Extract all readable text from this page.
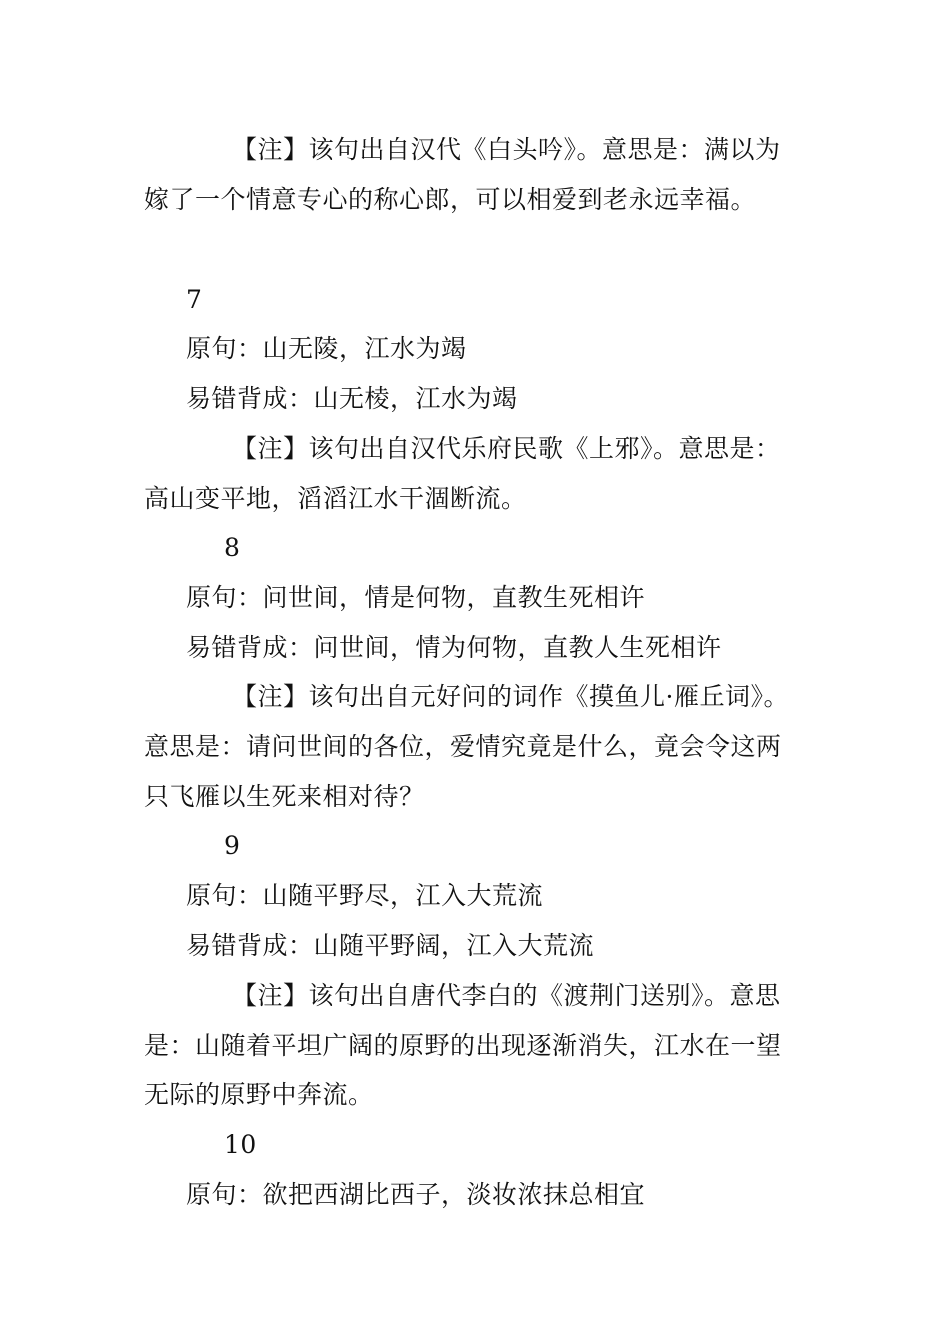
【注】该句出自汉代《白头吟》。意思是：满以为
嫁了一个情意专心的称心郎，可以相爱到老永远幸福。
7
原句：山无陵，江水为竭
易错背成：山无棱，江水为竭
【注】该句出自汉代乐府民歌《上邪》。意思是：
高山变平地，滔滔江水干涸断流。
8
原句：问世间，情是何物，直教生死相许
易错背成：问世间，情为何物，直教人生死相许
【注】该句出自元好问的词作《摸鱼儿·雁丘词》。
意思是：请问世间的各位，爱情究竟是什么，竟会令这两
只飞雁以生死来相对待？
9
原句：山随平野尽，江入大荒流
易错背成：山随平野阔，江入大荒流
【注】该句出自唐代李白的《渡荆门送别》。意思
是：山随着平坦广阔的原野的出现逐渐消失，江水在一望
无际的原野中奔流。
10
原句：欲把西湖比西子，淡妆浓抹总相宜
